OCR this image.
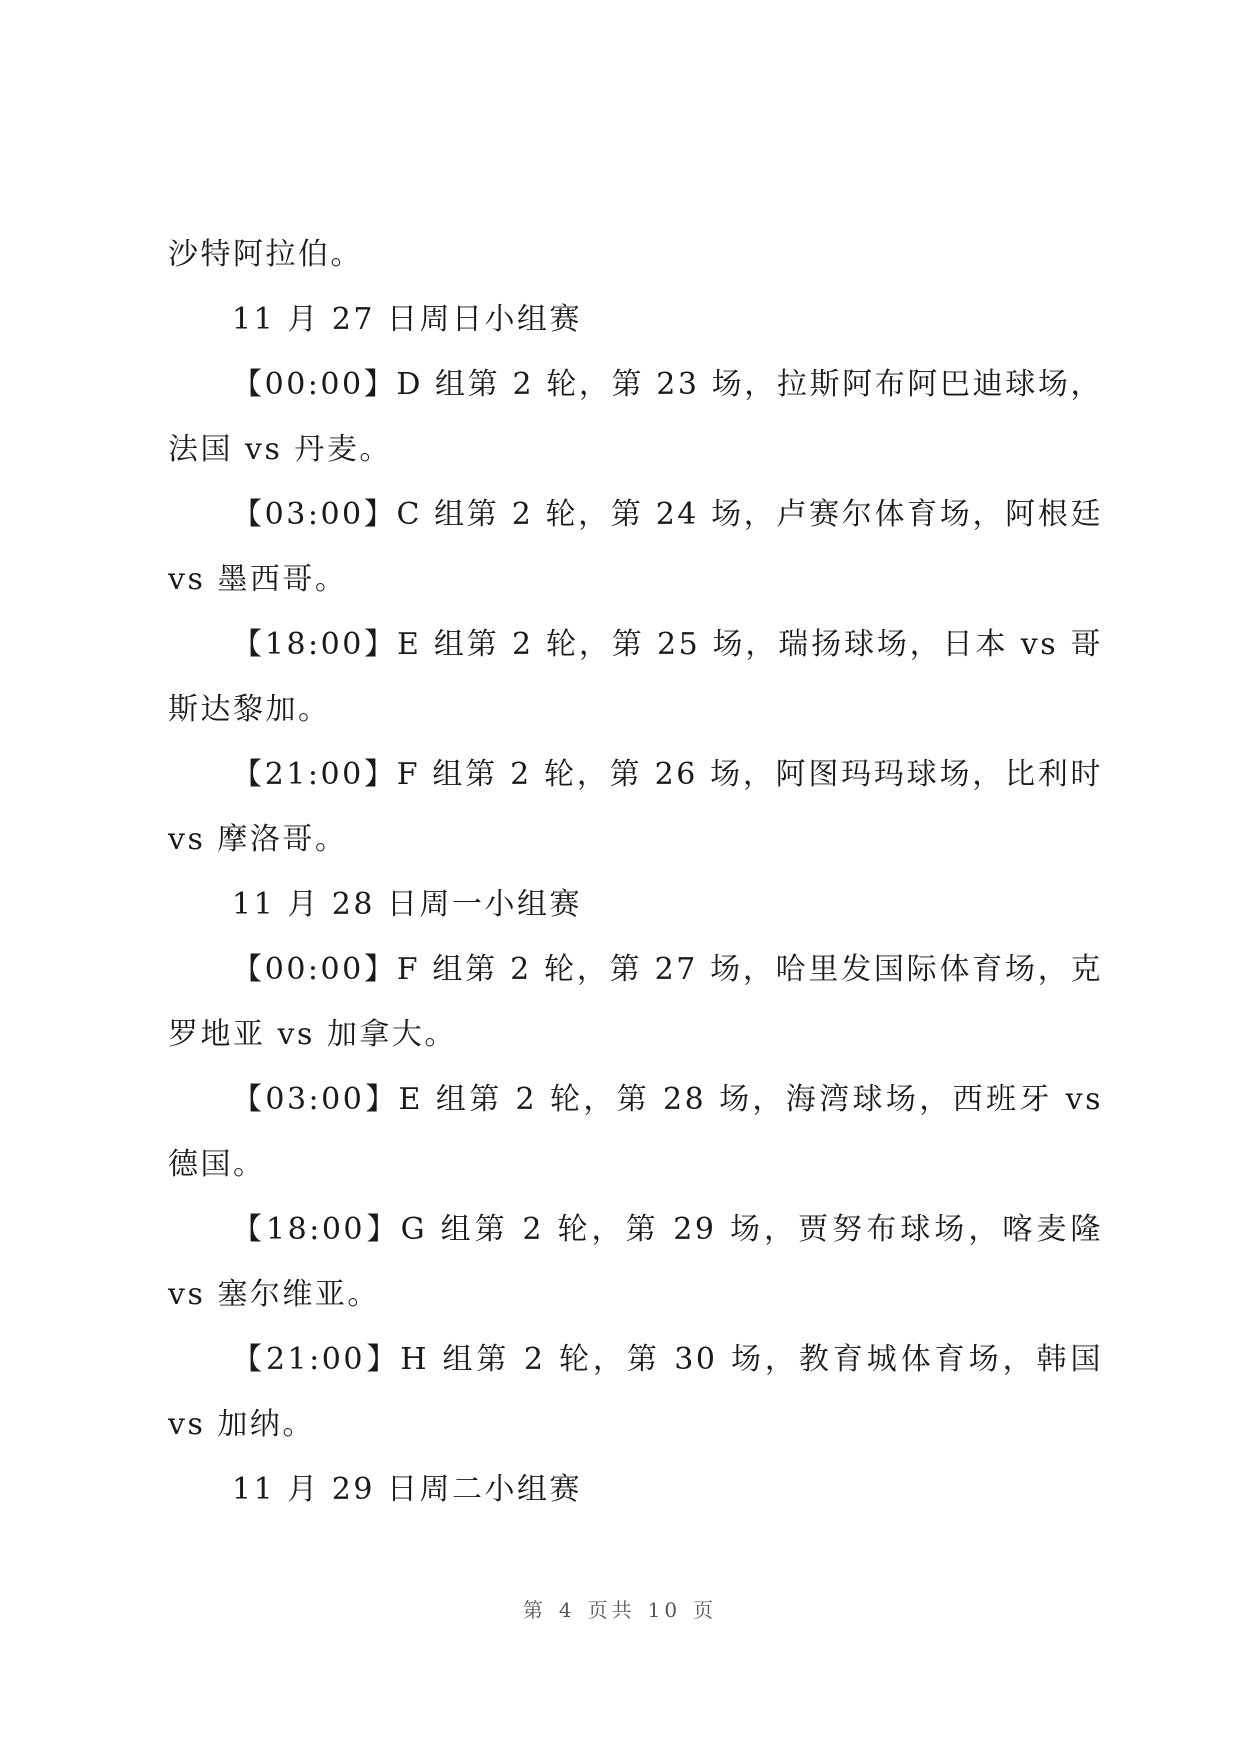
沙特阿拉伯。

11 月 27 日周日小组赛

【00:00】D 组第 2 轮，第 23 场，拉斯阿布阿巴迪球场，法国 vs 丹麦。

【03:00】C 组第 2 轮，第 24 场，卢赛尔体育场，阿根廷 vs 墨西哥。

【18:00】E 组第 2 轮，第 25 场，瑞扬球场，日本 vs 哥斯达黎加。

【21:00】F 组第 2 轮，第 26 场，阿图玛玛球场，比利时 vs 摩洛哥。

11 月 28 日周一小组赛

【00:00】F 组第 2 轮，第 27 场，哈里发国际体育场，克罗地亚 vs 加拿大。

【03:00】E 组第 2 轮，第 28 场，海湾球场，西班牙 vs 德国。

【18:00】G 组第 2 轮，第 29 场，贾努布球场，喀麦隆 vs 塞尔维亚。

【21:00】H 组第 2 轮，第 30 场，教育城体育场，韩国 vs 加纳。

11 月 29 日周二小组赛

第 4 页共 10 页
